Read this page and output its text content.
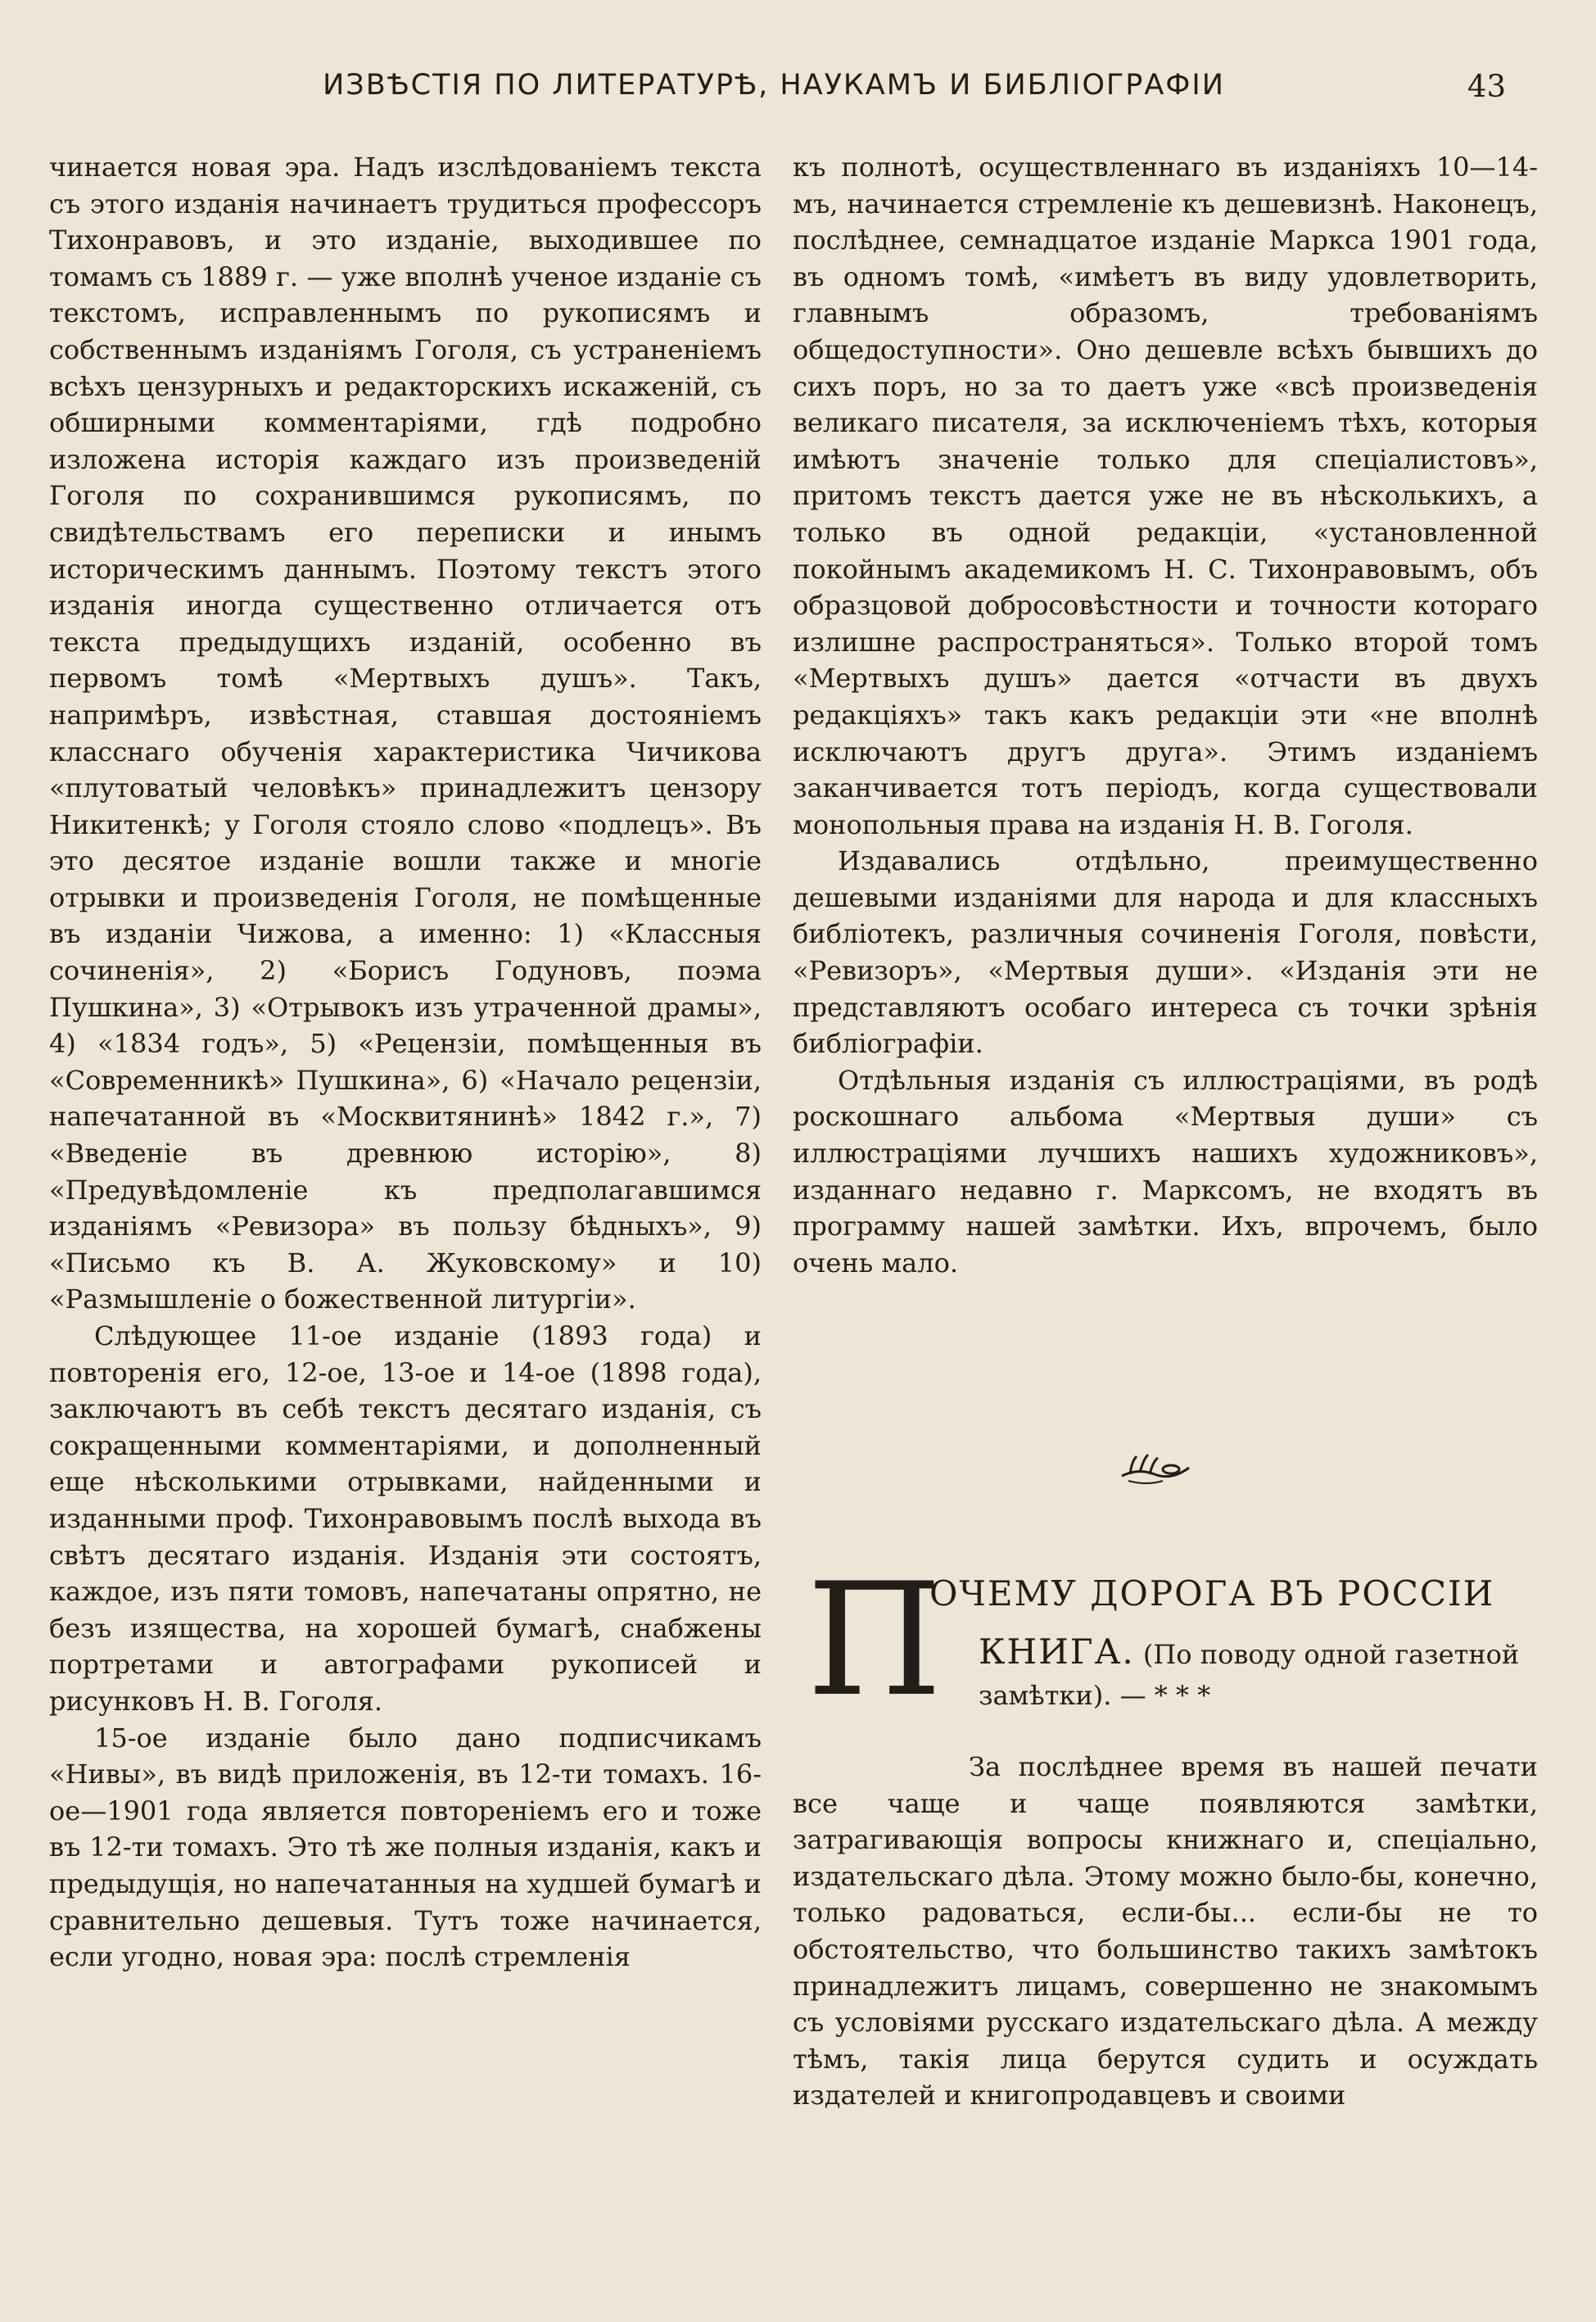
ИЗВѢСТІЯ ПО ЛИТЕРАТУРѢ, НАУКАМЪ И БИБЛІОГРАФІИ	43

чинается новая эра. Надъ изслѣдованіемъ текста съ этого изданія начинаетъ трудиться профессоръ Тихонравовъ, и это изданіе, выходившее по томамъ съ 1889 г. — уже вполнѣ ученое изданіе съ текстомъ, исправленнымъ по рукописямъ и собственнымъ изданіямъ Гоголя, съ устраненіемъ всѣхъ цензурныхъ и редакторскихъ искаженій, съ обширными комментаріями, гдѣ подробно изложена исторія каждаго изъ произведеній Гоголя по сохранившимся рукописямъ, по свидѣтельствамъ его переписки и инымъ историческимъ даннымъ. Поэтому текстъ этого изданія иногда существенно отличается отъ текста предыдущихъ изданій, особенно въ первомъ томѣ «Мертвыхъ душъ». Такъ, напримѣръ, извѣстная, ставшая достояніемъ класснаго обученія характеристика Чичикова «плутоватый человѣкъ» принадлежитъ цензору Никитенкѣ; у Гоголя стояло слово «подлецъ». Въ это десятое изданіе вошли также и многіе отрывки и произведенія Гоголя, не помѣщенные въ изданіи Чижова, а именно: 1) «Классныя сочиненія», 2) «Борисъ Годуновъ, поэма Пушкина», 3) «Отрывокъ изъ утраченной драмы», 4) «1834 годъ», 5) «Рецензіи, помѣщенныя въ «Современникѣ» Пушкина», 6) «Начало рецензіи, напечатанной въ «Москвитянинѣ» 1842 г.», 7) «Введеніе въ древнюю исторію», 8) «Предувѣдомленіе къ предполагавшимся изданіямъ «Ревизора» въ пользу бѣдныхъ», 9) «Письмо къ В. А. Жуковскому» и 10) «Размышленіе о божественной литургіи».

Слѣдующее 11-ое изданіе (1893 года) и повторенія его, 12-ое, 13-ое и 14-ое (1898 года), заключаютъ въ себѣ текстъ десятаго изданія, съ сокращенными комментаріями, и дополненный еще нѣсколькими отрывками, найденными и изданными проф. Тихонравовымъ послѣ выхода въ свѣтъ десятаго изданія. Изданія эти состоятъ, каждое, изъ пяти томовъ, напечатаны опрятно, не безъ изящества, на хорошей бумагѣ, снабжены портретами и автографами рукописей и рисунковъ Н. В. Гоголя.

15-ое изданіе было дано подписчикамъ «Нивы», въ видѣ приложенія, въ 12-ти томахъ. 16-ое—1901 года является повтореніемъ его и тоже въ 12-ти томахъ. Это тѣ же полныя изданія, какъ и предыдущія, но напечатанныя на худшей бумагѣ и сравнительно дешевыя. Тутъ тоже начинается, если угодно, новая эра: послѣ стремленія

къ полнотѣ, осуществленнаго въ изданіяхъ 10—14-мъ, начинается стремленіе къ дешевизнѣ. Наконецъ, послѣднее, семнадцатое изданіе Маркса 1901 года, въ одномъ томѣ, «имѣетъ въ виду удовлетворить, главнымъ образомъ, требованіямъ общедоступности». Оно дешевле всѣхъ бывшихъ до сихъ поръ, но за то даетъ уже «всѣ произведенія великаго писателя, за исключеніемъ тѣхъ, которыя имѣютъ значеніе только для спеціалистовъ», притомъ текстъ дается уже не въ нѣсколькихъ, а только въ одной редакціи, «установленной покойнымъ академикомъ Н. С. Тихонравовымъ, объ образцовой добросовѣстности и точности котораго излишне распространяться». Только второй томъ «Мертвыхъ душъ» дается «отчасти въ двухъ редакціяхъ» такъ какъ редакціи эти «не вполнѣ исключаютъ другъ друга». Этимъ изданіемъ заканчивается тотъ періодъ, когда существовали монопольныя права на изданія Н. В. Гоголя.

Издавались отдѣльно, преимущественно дешевыми изданіями для народа и для классныхъ библіотекъ, различныя сочиненія Гоголя, повѣсти, «Ревизоръ», «Мертвыя души». «Изданія эти не представляютъ особаго интереса съ точки зрѣнія библіографіи.

Отдѣльныя изданія съ иллюстраціями, въ родѣ роскошнаго альбома «Мертвыя души» съ иллюстраціями лучшихъ нашихъ художниковъ», изданнаго недавно г. Марксомъ, не входятъ въ программу нашей замѣтки. Ихъ, впрочемъ, было очень мало.

П
ОЧЕМУ ДОРОГА ВЪ РОССІИ
КНИГА. (По поводу одной газетной замѣтки). — * * *

За послѣднее время въ нашей печати все чаще и чаще появляются замѣтки, затрагивающія вопросы книжнаго и, спеціально, издательскаго дѣла. Этому можно было-бы, конечно, только радоваться, если-бы... если-бы не то обстоятельство, что большинство такихъ замѣтокъ принадлежитъ лицамъ, совершенно не знакомымъ съ условіями русскаго издательскаго дѣла. А между тѣмъ, такія лица берутся судить и осуждать издателей и книгопродавцевъ и своими
